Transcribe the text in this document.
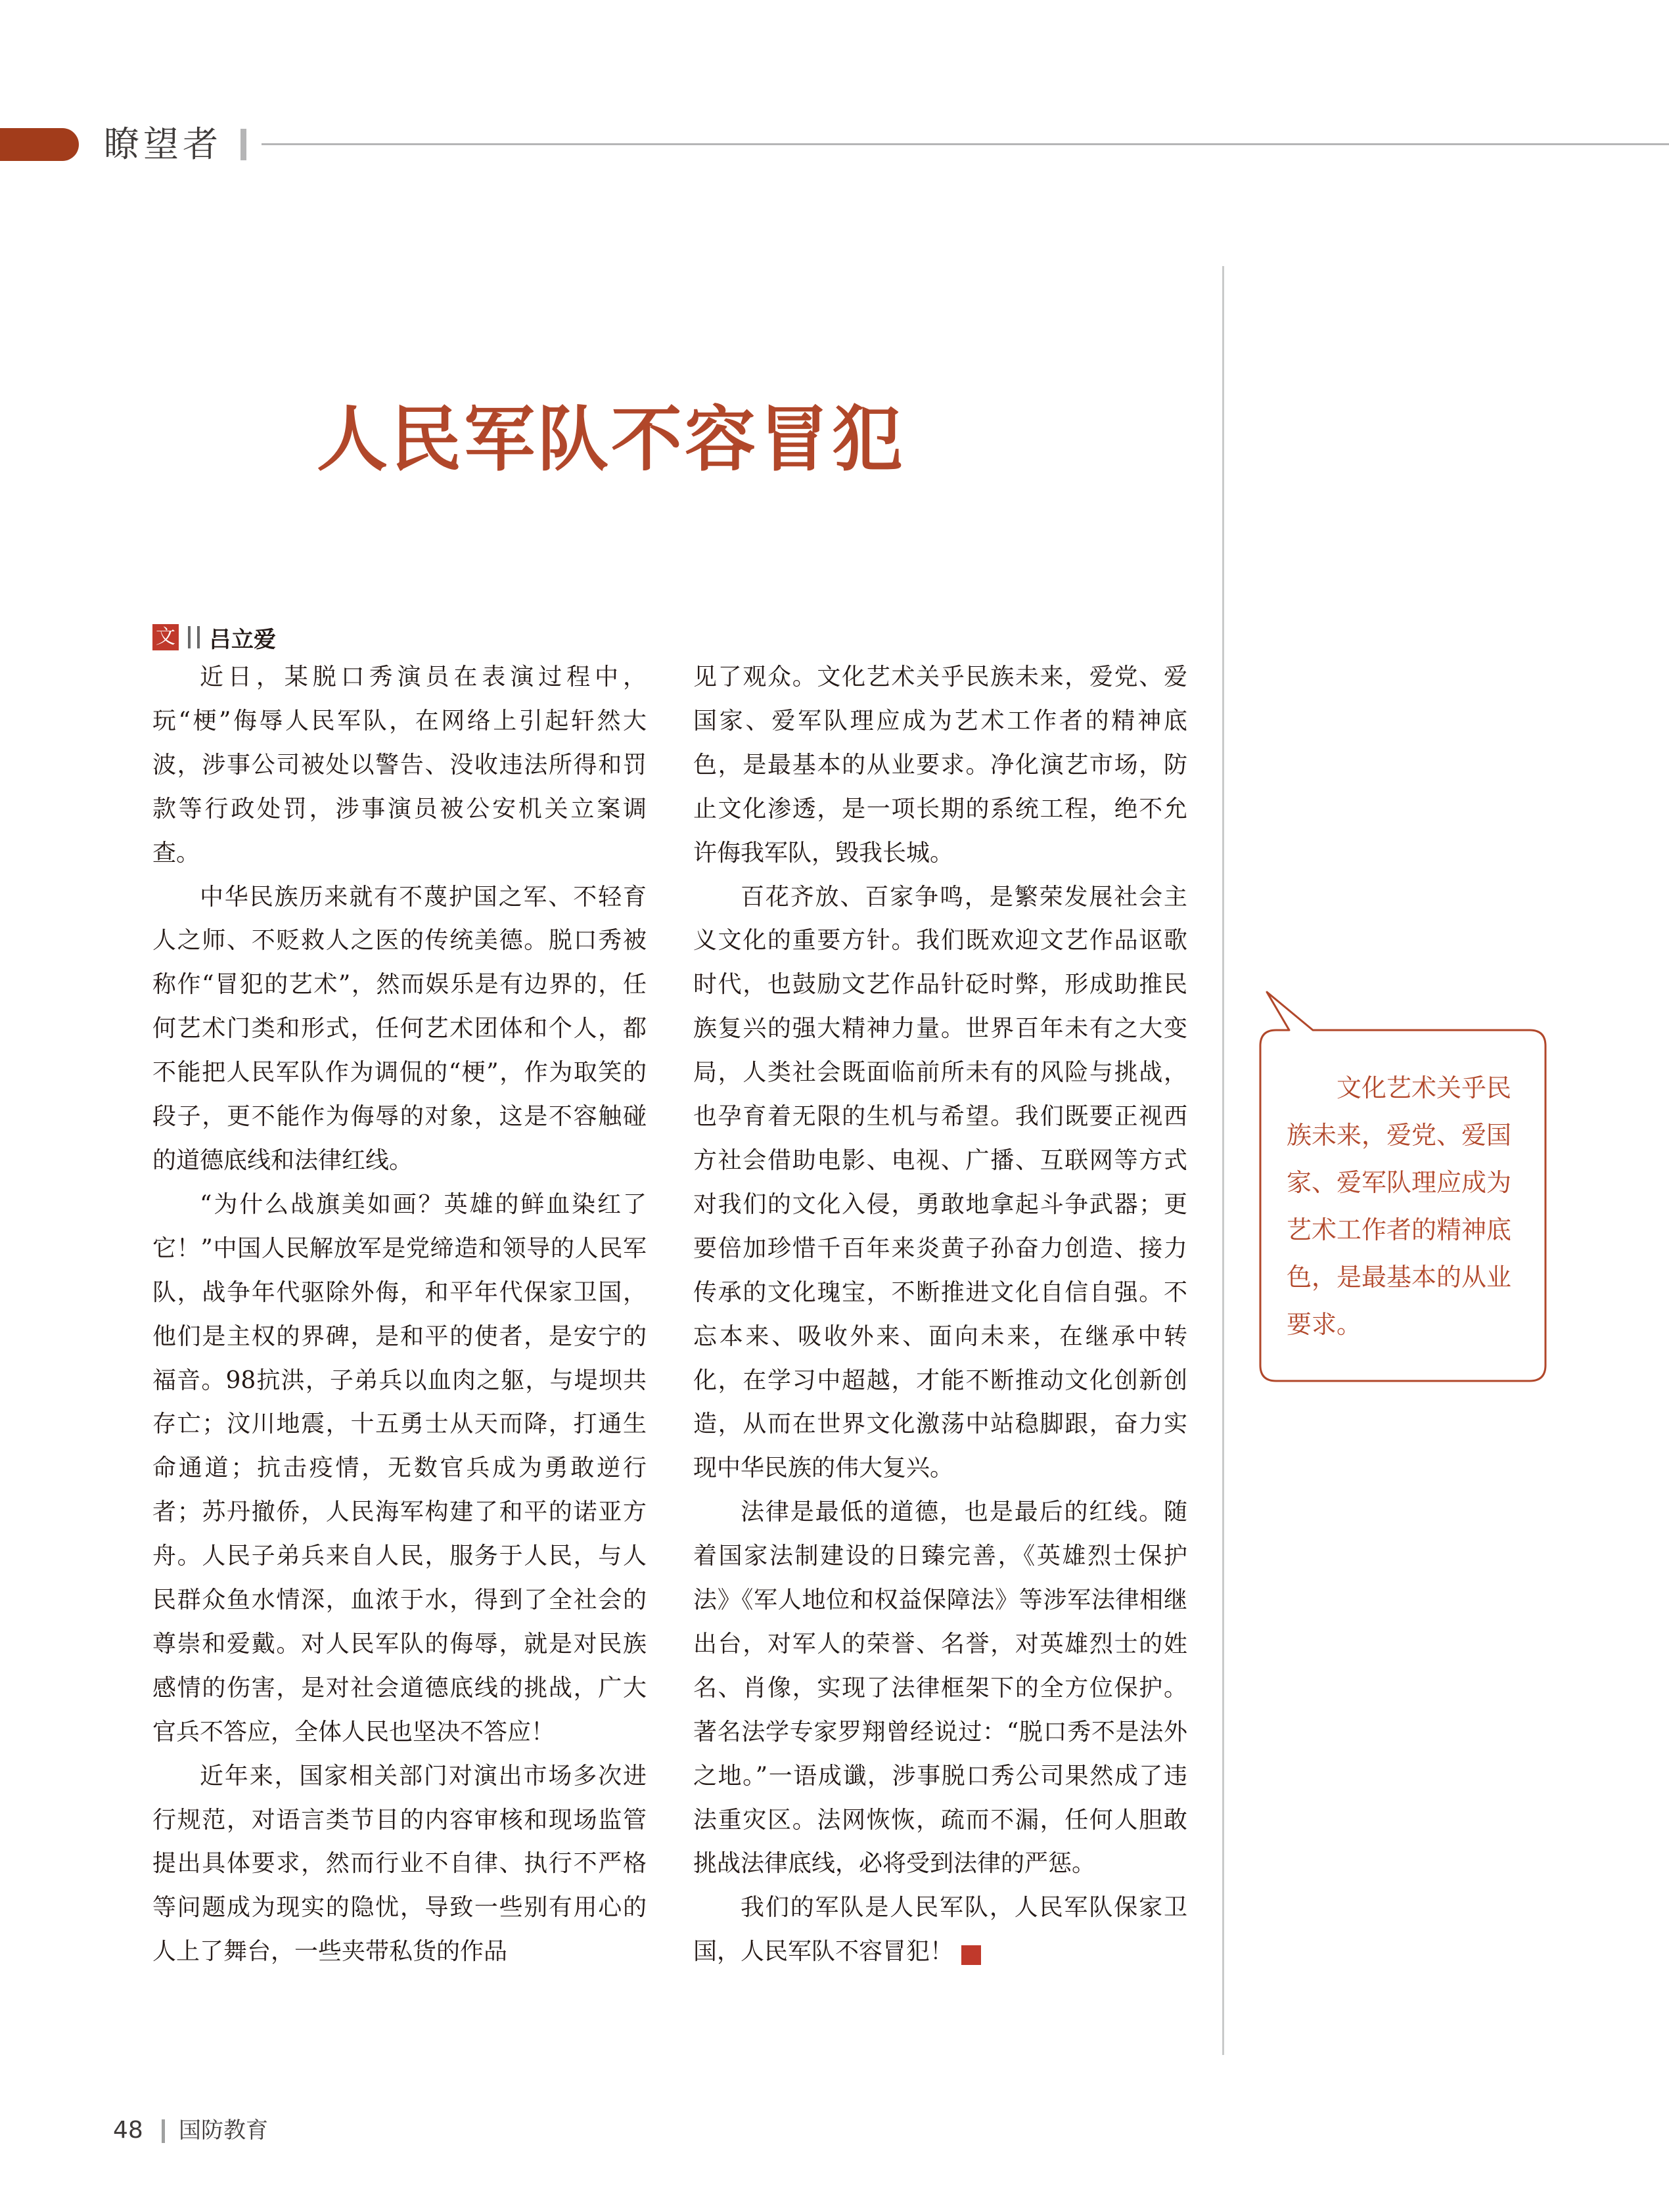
瞭望者
人民军队不容冒犯
文 吕立爱

近日，某脱口秀演员在表演过程中，玩“梗”侮辱人民军队，在网络上引起轩然大波，涉事公司被处以警告、没收违法所得和罚款等行政处罚，涉事演员被公安机关立案调查。

中华民族历来就有不蔑护国之军、不轻育人之师、不贬救人之医的传统美德。脱口秀被称作“冒犯的艺术”，然而娱乐是有边界的，任何艺术门类和形式，任何艺术团体和个人，都不能把人民军队作为调侃的“梗”，作为取笑的段子，更不能作为侮辱的对象，这是不容触碰的道德底线和法律红线。

“为什么战旗美如画？英雄的鲜血染红了它！”中国人民解放军是党缔造和领导的人民军队，战争年代驱除外侮，和平年代保家卫国，他们是主权的界碑，是和平的使者，是安宁的福音。98抗洪，子弟兵以血肉之躯，与堤坝共存亡；汶川地震，十五勇士从天而降，打通生命通道；抗击疫情，无数官兵成为勇敢逆行者；苏丹撤侨，人民海军构建了和平的诺亚方舟。人民子弟兵来自人民，服务于人民，与人民群众鱼水情深，血浓于水，得到了全社会的尊崇和爱戴。对人民军队的侮辱，就是对民族感情的伤害，是对社会道德底线的挑战，广大官兵不答应，全体人民也坚决不答应！

近年来，国家相关部门对演出市场多次进行规范，对语言类节目的内容审核和现场监管提出具体要求，然而行业不自律、执行不严格等问题成为现实的隐忧，导致一些别有用心的人上了舞台，一些夹带私货的作品

见了观众。文化艺术关乎民族未来，爱党、爱国家、爱军队理应成为艺术工作者的精神底色，是最基本的从业要求。净化演艺市场，防止文化渗透，是一项长期的系统工程，绝不允许侮我军队，毁我长城。

百花齐放、百家争鸣，是繁荣发展社会主义文化的重要方针。我们既欢迎文艺作品讴歌时代，也鼓励文艺作品针砭时弊，形成助推民族复兴的强大精神力量。世界百年未有之大变局，人类社会既面临前所未有的风险与挑战，也孕育着无限的生机与希望。我们既要正视西方社会借助电影、电视、广播、互联网等方式对我们的文化入侵，勇敢地拿起斗争武器；更要倍加珍惜千百年来炎黄子孙奋力创造、接力传承的文化瑰宝，不断推进文化自信自强。不忘本来、吸收外来、面向未来，在继承中转化，在学习中超越，才能不断推动文化创新创造，从而在世界文化激荡中站稳脚跟，奋力实现中华民族的伟大复兴。

法律是最低的道德，也是最后的红线。随着国家法制建设的日臻完善，《英雄烈士保护法》《军人地位和权益保障法》等涉军法律相继出台，对军人的荣誉、名誉，对英雄烈士的姓名、肖像，实现了法律框架下的全方位保护。著名法学专家罗翔曾经说过：“脱口秀不是法外之地。”一语成谶，涉事脱口秀公司果然成了违法重灾区。法网恢恢，疏而不漏，任何人胆敢挑战法律底线，必将受到法律的严惩。

我们的军队是人民军队，人民军队保家卫国，人民军队不容冒犯！	G

文化艺术关乎民
族未来，爱党、爱国
家、爱军队理应成为
艺术工作者的精神底
色，是最基本的从业
要求。
48 国防教育
